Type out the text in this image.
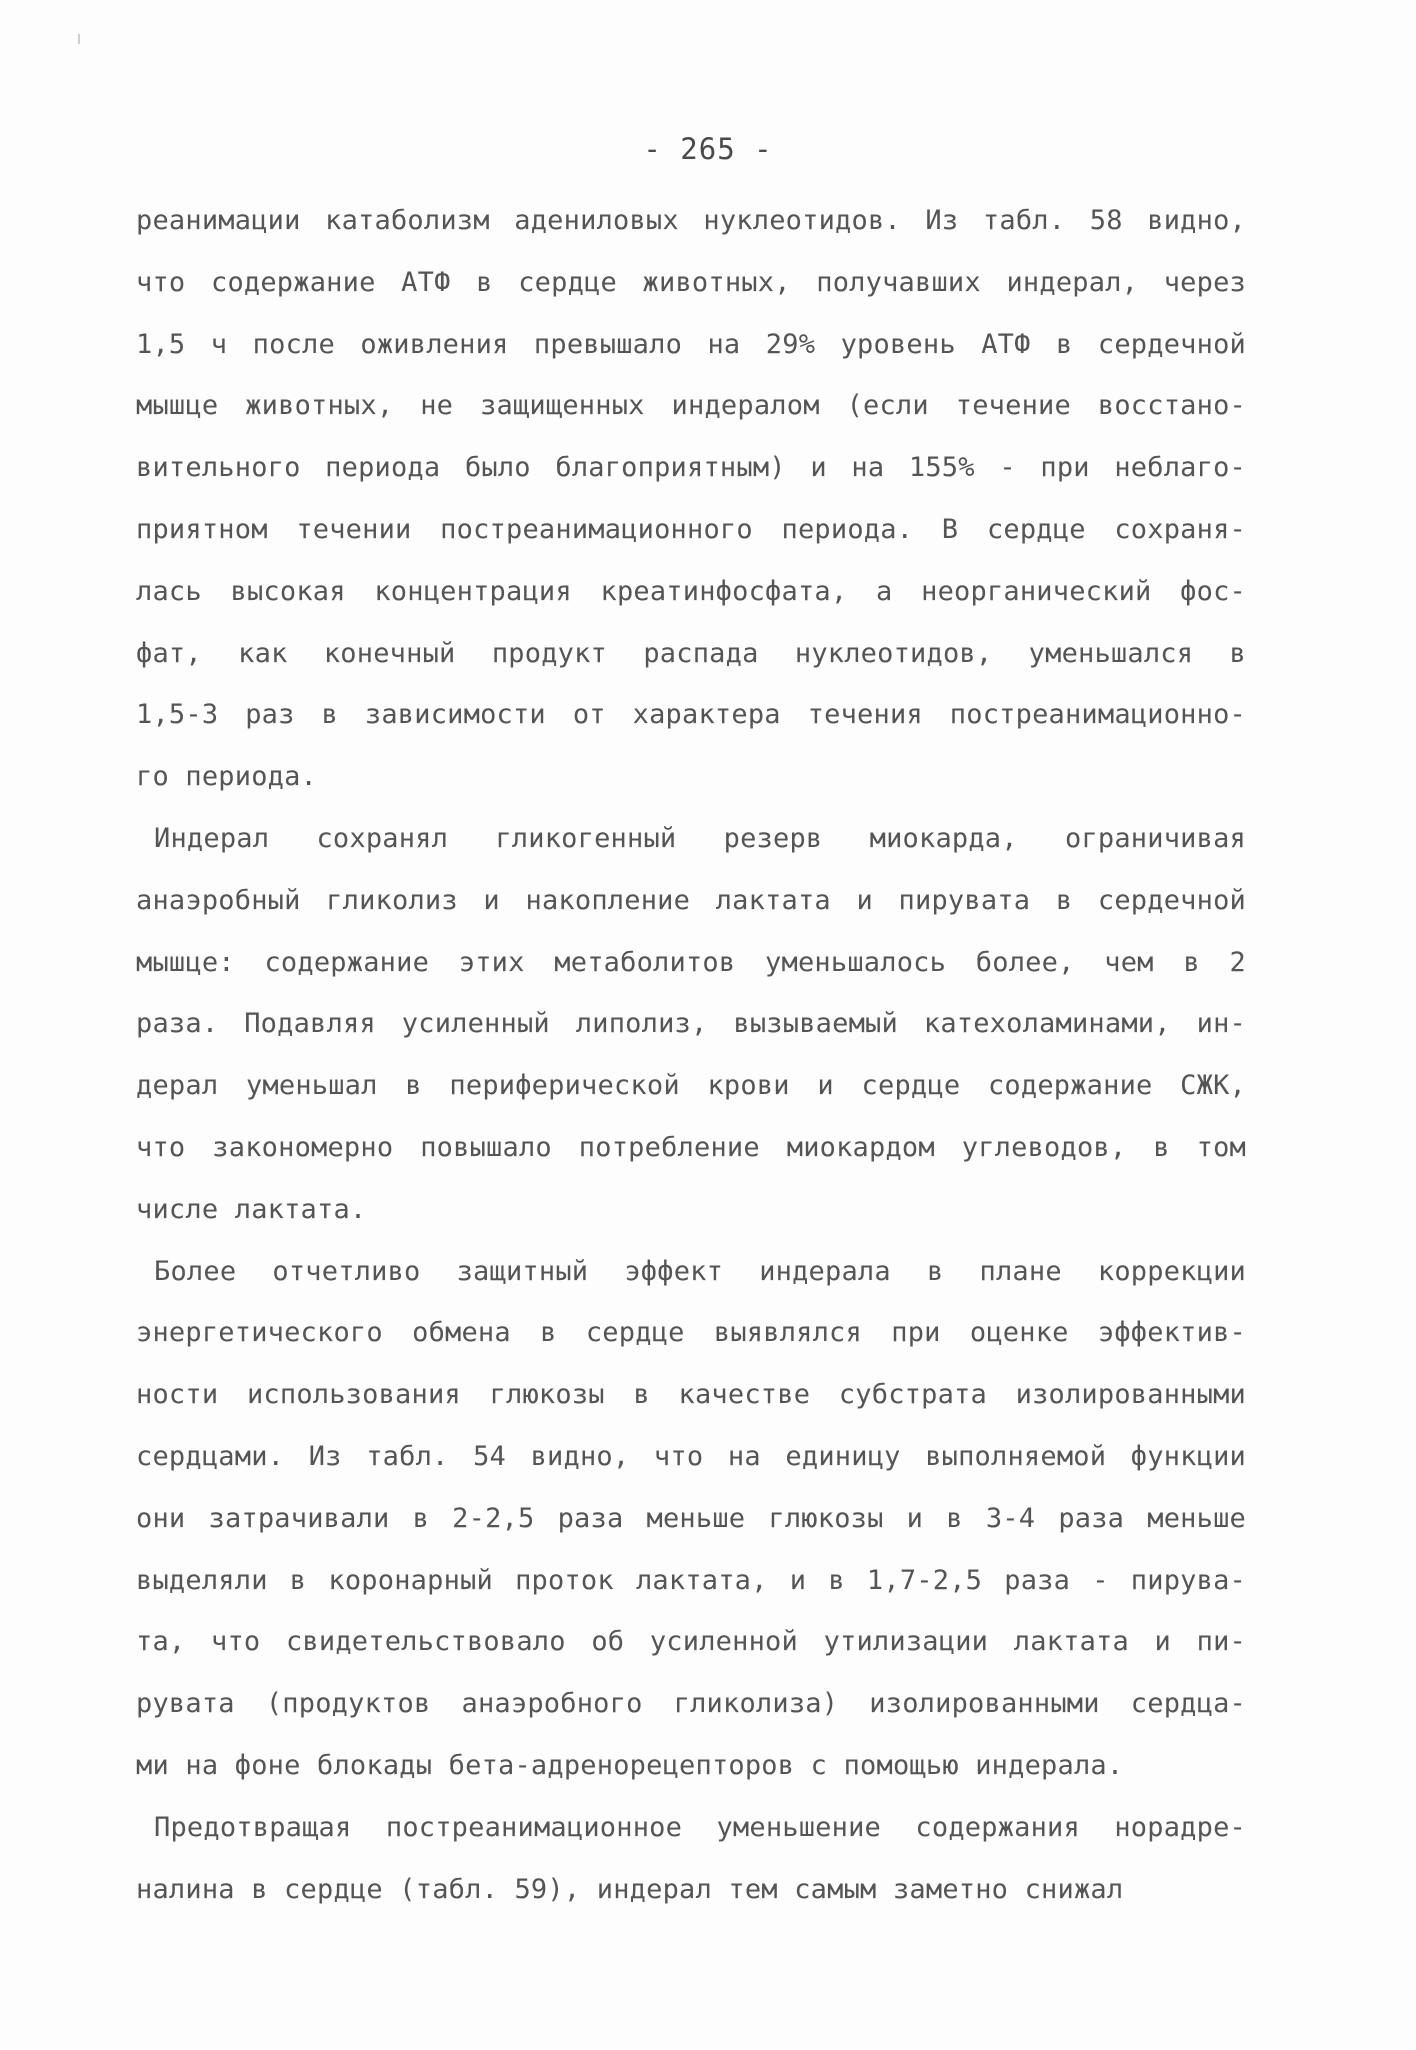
- 265 -
реанимации катаболизм адениловых нуклеотидов. Из табл. 58 видно,
что содержание АТФ в сердце животных, получавших индерал, через
1,5 ч после оживления превышало на 29% уровень АТФ в сердечной
мышце животных, не защищенных индералом (если течение восстано-
вительного периода было благоприятным) и на 155% - при неблаго-
приятном течении постреанимационного периода. В сердце сохраня-
лась высокая концентрация креатинфосфата, а неорганический фос-
фат, как конечный продукт распада нуклеотидов, уменьшался в
1,5-3 раз в зависимости от характера течения постреанимационно-
го периода.
Индерал сохранял гликогенный резерв миокарда, ограничивая
анаэробный гликолиз и накопление лактата и пирувата в сердечной
мышце: содержание этих метаболитов уменьшалось более, чем в 2
раза. Подавляя усиленный липолиз, вызываемый катехоламинами, ин-
дерал уменьшал в периферической крови и сердце содержание СЖК,
что закономерно повышало потребление миокардом углеводов, в том
числе лактата.
Более отчетливо защитный эффект индерала в плане коррекции
энергетического обмена в сердце выявлялся при оценке эффектив-
ности использования глюкозы в качестве субстрата изолированными
сердцами. Из табл. 54 видно, что на единицу выполняемой функции
они затрачивали в 2-2,5 раза меньше глюкозы и в 3-4 раза меньше
выделяли в коронарный проток лактата, и в 1,7-2,5 раза - пирува-
та, что свидетельствовало об усиленной утилизации лактата и пи-
рувата (продуктов анаэробного гликолиза) изолированными сердца-
ми на фоне блокады бета-адренорецепторов с помощью индерала.
Предотвращая постреанимационное уменьшение содержания норадре-
налина в сердце (табл. 59), индерал тем самым заметно снижал
